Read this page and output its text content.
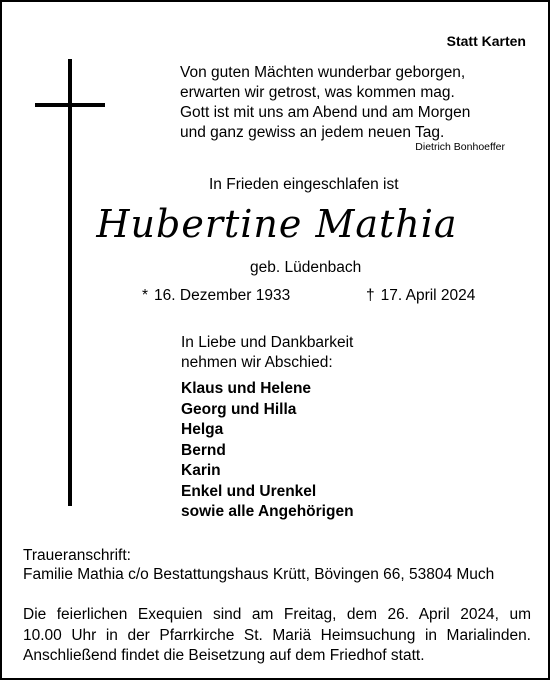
Statt Karten
Von guten Mächten wunderbar geborgen,
erwarten wir getrost, was kommen mag.
Gott ist mit uns am Abend und am Morgen
und ganz gewiss an jedem neuen Tag.
Dietrich Bonhoeffer
In Frieden eingeschlafen ist
Hubertine Mathia
geb. Lüdenbach
* 16. Dezember 1933	† 17. April 2024
In Liebe und Dankbarkeit
nehmen wir Abschied:
Klaus und Helene
Georg und Hilla
Helga
Bernd
Karin
Enkel und Urenkel
sowie alle Angehörigen
Traueranschrift:
Familie Mathia c/o Bestattungshaus Krütt, Bövingen 66, 53804 Much
Die feierlichen Exequien sind am Freitag, dem 26. April 2024, um
10.00 Uhr in der Pfarrkirche St. Mariä Heimsuchung in Marialinden.
Anschließend findet die Beisetzung auf dem Friedhof statt.
